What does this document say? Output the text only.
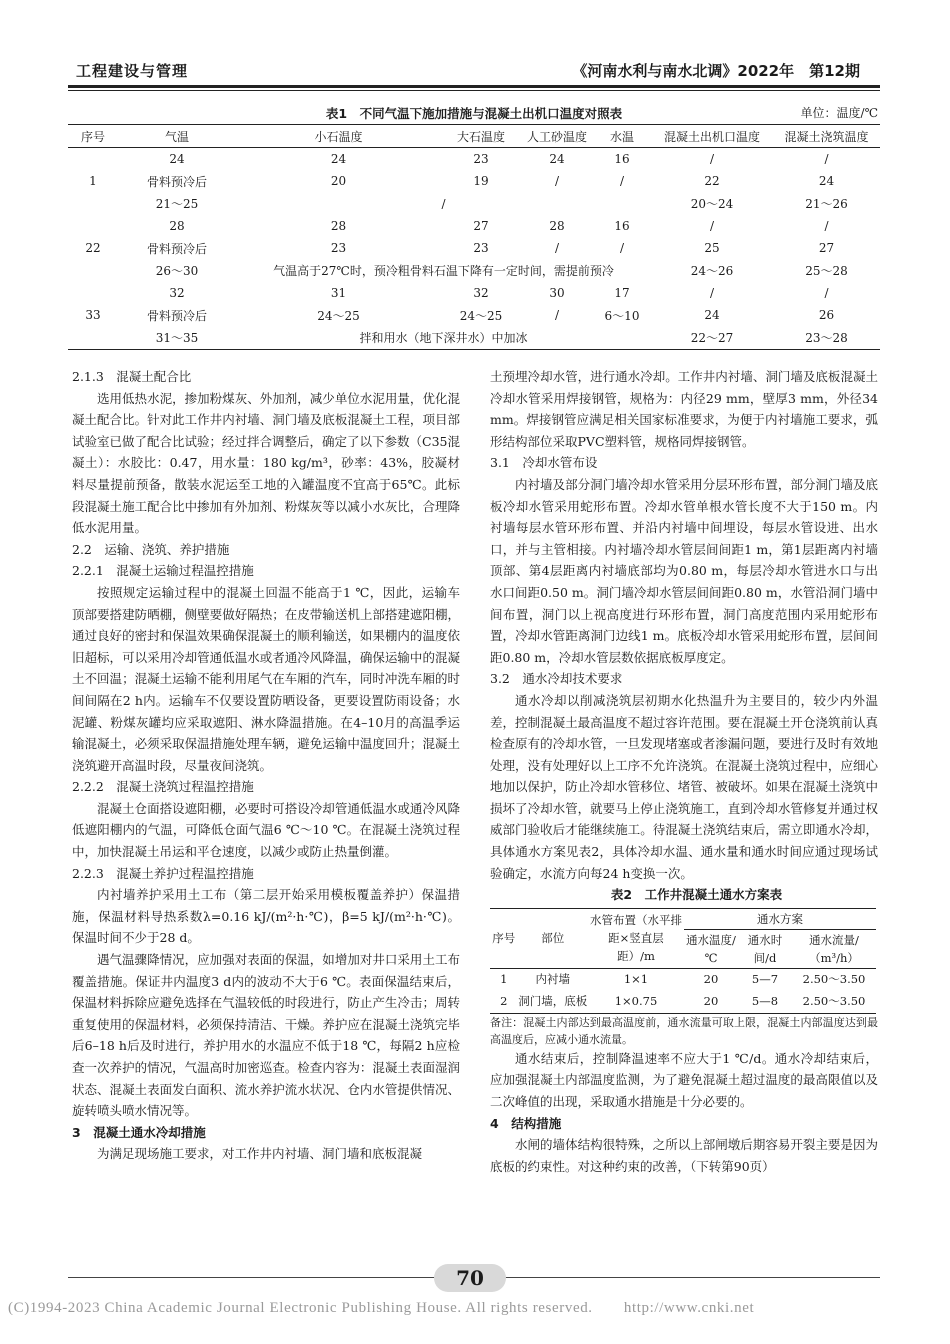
工程建设与管理	《河南水利与南水北调》2022年　第12期
表1　不同气温下施加措施与混凝土出机口温度对照表	单位：温度/℃
序号	气温	小石温度	大石温度	人工砂温度	水温	混凝土出机口温度	混凝土浇筑温度
1	24	24	23	24	16	/	/
	骨料预冷后	20	19	/	/	22	24
	21～25	/				20～24	21～26
22	28	28	27	28	16	/	/
	骨料预冷后	23	23	/	/	25	27
	26～30	气温高于27℃时，预冷粗骨料石温下降有一定时间，需提前预冷				24～26	25～28
33	32	31	32	30	17	/	/
	骨料预冷后	24～25	24～25	/	6～10	24	26
	31～35	拌和用水（地下深井水）中加冰				22～27	23～28

2.1.3　混凝土配合比

选用低热水泥，掺加粉煤灰、外加剂，减少单位水泥用量，优化混凝土配合比。针对此工作井内衬墙、洞门墙及底板混凝土工程，项目部试验室已做了配合比试验；经过拌合调整后，确定了以下参数（C35混凝土）：水胶比：0.47，用水量：180 kg/m³，砂率：43%，胶凝材料尽量提前预备，散装水泥运至工地的入罐温度不宜高于65℃。此标段混凝土施工配合比中掺加有外加剂、粉煤灰等以减小水灰比，合理降低水泥用量。

2.2　运输、浇筑、养护措施

2.2.1　混凝土运输过程温控措施

按照规定运输过程中的混凝土回温不能高于1 ℃，因此，运输车顶部要搭建防晒棚，侧壁要做好隔热；在皮带输送机上部搭建遮阳棚，通过良好的密封和保温效果确保混凝土的顺利输送，如果棚内的温度依旧超标，可以采用冷却管通低温水或者通冷风降温，确保运输中的混凝土不回温；混凝土运输不能利用尾气在车厢的汽车，同时冲洗车厢的时间间隔在2 h内。运输车不仅要设置防晒设备，更要设置防雨设备；水泥罐、粉煤灰罐均应采取遮阳、淋水降温措施。在4–10月的高温季运输混凝土，必须采取保温措施处理车辆，避免运输中温度回升；混凝土浇筑避开高温时段，尽量夜间浇筑。

2.2.2　混凝土浇筑过程温控措施

混凝土仓面搭设遮阳棚，必要时可搭设冷却管通低温水或通冷风降低遮阳棚内的气温，可降低仓面气温6 ℃～10 ℃。在混凝土浇筑过程中，加快混凝土吊运和平仓速度，以减少或防止热量倒灌。

2.2.3　混凝土养护过程温控措施

内衬墙养护采用土工布（第二层开始采用模板覆盖养护）保温措施，保温材料导热系数λ=0.16 kJ/(m²·h·℃)，β=5 kJ/(m²·h·℃)。保温时间不少于28 d。

遇气温骤降情况，应加强对表面的保温，如增加对井口采用土工布覆盖措施。保证井内温度3 d内的波动不大于6 ℃。表面保温结束后，保温材料拆除应避免选择在气温较低的时段进行，防止产生冷击；周转重复使用的保温材料，必须保持清洁、干燥。养护应在混凝土浇筑完毕后6–18 h后及时进行，养护用水的水温应不低于18 ℃，每隔2 h应检查一次养护的情况，气温高时加密巡查。检查内容为：混凝土表面湿润状态、混凝土表面发白面积、流水养护流水状况、仓内水管提供情况、旋转喷头喷水情况等。

3　混凝土通水冷却措施

为满足现场施工要求，对工作井内衬墙、洞门墙和底板混凝

土预埋冷却水管，进行通水冷却。工作井内衬墙、洞门墙及底板混凝土冷却水管采用焊接钢管，规格为：内径29 mm，壁厚3 mm，外径34 mm。焊接钢管应满足相关国家标准要求，为便于内衬墙施工要求，弧形结构部位采取PVC塑料管，规格同焊接钢管。

3.1　冷却水管布设

内衬墙及部分洞门墙冷却水管采用分层环形布置，部分洞门墙及底板冷却水管采用蛇形布置。冷却水管单根水管长度不大于150 m。内衬墙每层水管环形布置、并沿内衬墙中间埋设，每层水管设进、出水口，并与主管相接。内衬墙冷却水管层间间距1 m，第1层距离内衬墙顶部、第4层距离内衬墙底部均为0.80 m，每层冷却水管进水口与出水口间距0.50 m。洞门墙冷却水管层间间距0.80 m，水管沿洞门墙中间布置，洞门以上视高度进行环形布置，洞门高度范围内采用蛇形布置，冷却水管距离洞门边线1 m。底板冷却水管采用蛇形布置，层间间距0.80 m，冷却水管层数依据底板厚度定。

3.2　通水冷却技术要求

通水冷却以削减浇筑层初期水化热温升为主要目的，较少内外温差，控制混凝土最高温度不超过容许范围。要在混凝土开仓浇筑前认真检查原有的冷却水管，一旦发现堵塞或者渗漏问题，要进行及时有效地处理，没有处理好以上工序不允许浇筑。在混凝土浇筑过程中，应细心地加以保护，防止冷却水管移位、堵管、被破坏。如果在混凝土浇筑中损坏了冷却水管，就要马上停止浇筑施工，直到冷却水管修复并通过权威部门验收后才能继续施工。待混凝土浇筑结束后，需立即通水冷却，具体通水方案见表2，具体冷却水温、通水量和通水时间应通过现场试验确定，水流方向每24 h变换一次。

表2　工作井混凝土通水方案表

序号	部位	水管布置（水平排距×竖直层距）/m	通水方案		
			通水温度/℃	通水时间/d	通水流量/（m³/h）
1	内衬墙	1×1	20	5—7	2.50～3.50
2	洞门墙，底板	1×0.75	20	5—8	2.50～3.50

备注：混凝土内部达到最高温度前，通水流量可取上限，混凝土内部温度达到最高温度后，应减小通水流量。

通水结束后，控制降温速率不应大于1 ℃/d。通水冷却结束后，应加强混凝土内部温度监测，为了避免混凝土超过温度的最高限值以及二次峰值的出现，采取通水措施是十分必要的。

4　结构措施

水闸的墙体结构很特殊，之所以上部闸墩后期容易开裂主要是因为底板的约束性。对这种约束的改善，（下转第90页）

70
(C)1994-2023 China Academic Journal Electronic Publishing House. All rights reserved.　　http://www.cnki.net
